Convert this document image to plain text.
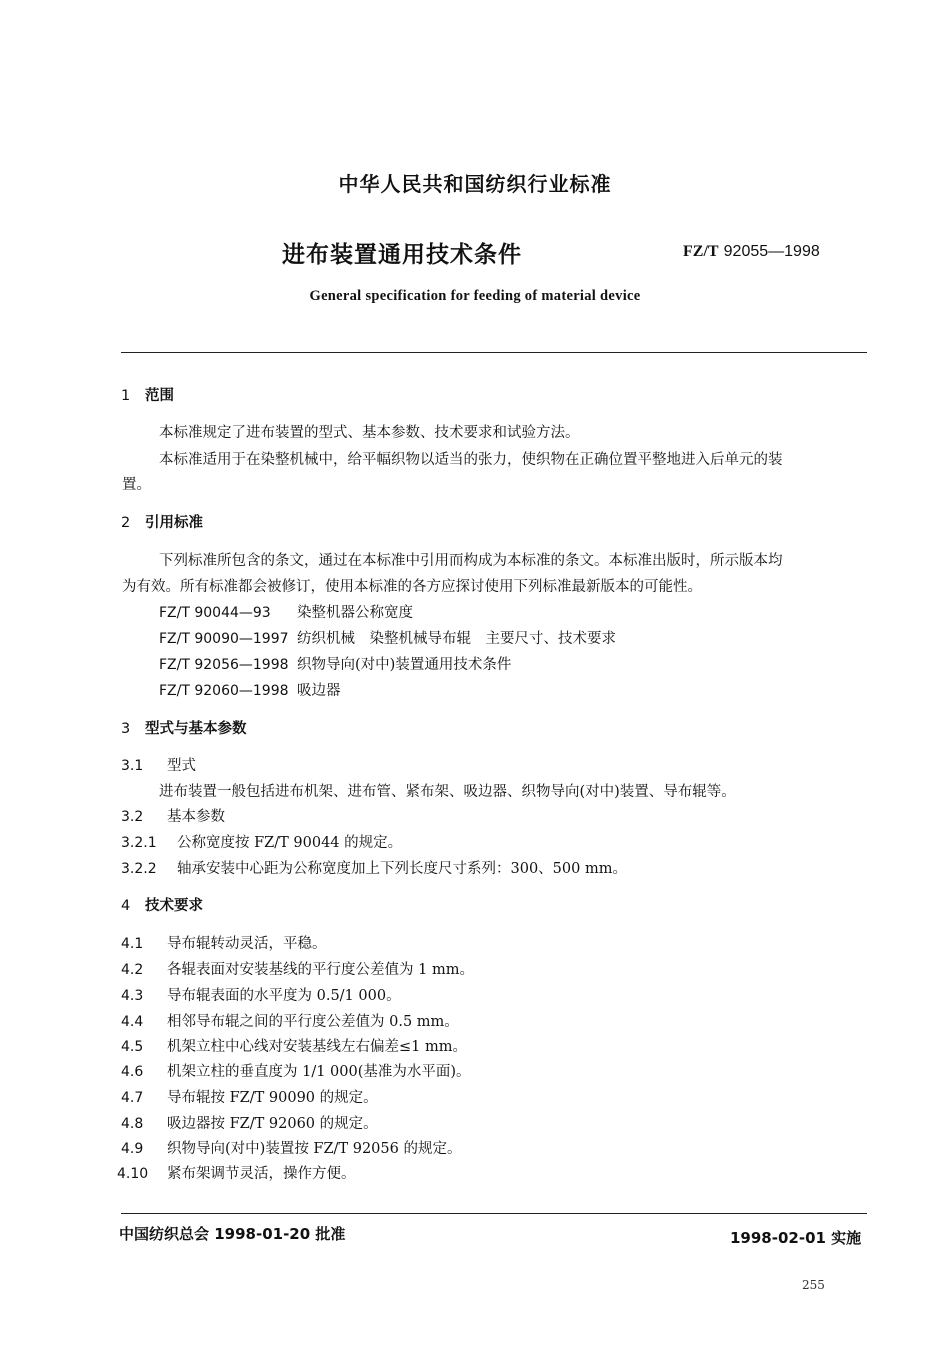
中华人民共和国纺织行业标准
进布装置通用技术条件	FZ/T 92055—1998
General specification for feeding of material device
1 范围
本标准规定了进布装置的型式、基本参数、技术要求和试验方法。
本标准适用于在染整机械中，给平幅织物以适当的张力，使织物在正确位置平整地进入后单元的装
置。
2 引用标准
下列标准所包含的条文，通过在本标准中引用而构成为本标准的条文。本标准出版时，所示版本均
为有效。所有标准都会被修订，使用本标准的各方应探讨使用下列标准最新版本的可能性。
FZ/T 90044—93 染整机器公称宽度
FZ/T 90090—1997 纺织机械　染整机械导布辊　主要尺寸、技术要求
FZ/T 92056—1998 织物导向(对中)装置通用技术条件
FZ/T 92060—1998 吸边器
3 型式与基本参数
3.1 型式
进布装置一般包括进布机架、进布管、紧布架、吸边器、织物导向(对中)装置、导布辊等。
3.2 基本参数
3.2.1 公称宽度按 FZ/T 90044 的规定。
3.2.2 轴承安装中心距为公称宽度加上下列长度尺寸系列：300、500 mm。
4 技术要求
4.1 导布辊转动灵活，平稳。
4.2 各辊表面对安装基线的平行度公差值为 1 mm。
4.3 导布辊表面的水平度为 0.5/1 000。
4.4 相邻导布辊之间的平行度公差值为 0.5 mm。
4.5 机架立柱中心线对安装基线左右偏差≤1 mm。
4.6 机架立柱的垂直度为 1/1 000(基准为水平面)。
4.7 导布辊按 FZ/T 90090 的规定。
4.8 吸边器按 FZ/T 92060 的规定。
4.9 织物导向(对中)装置按 FZ/T 92056 的规定。
4.10 紧布架调节灵活，操作方便。
中国纺织总会 1998-01-20 批准	1998-02-01 实施
255
